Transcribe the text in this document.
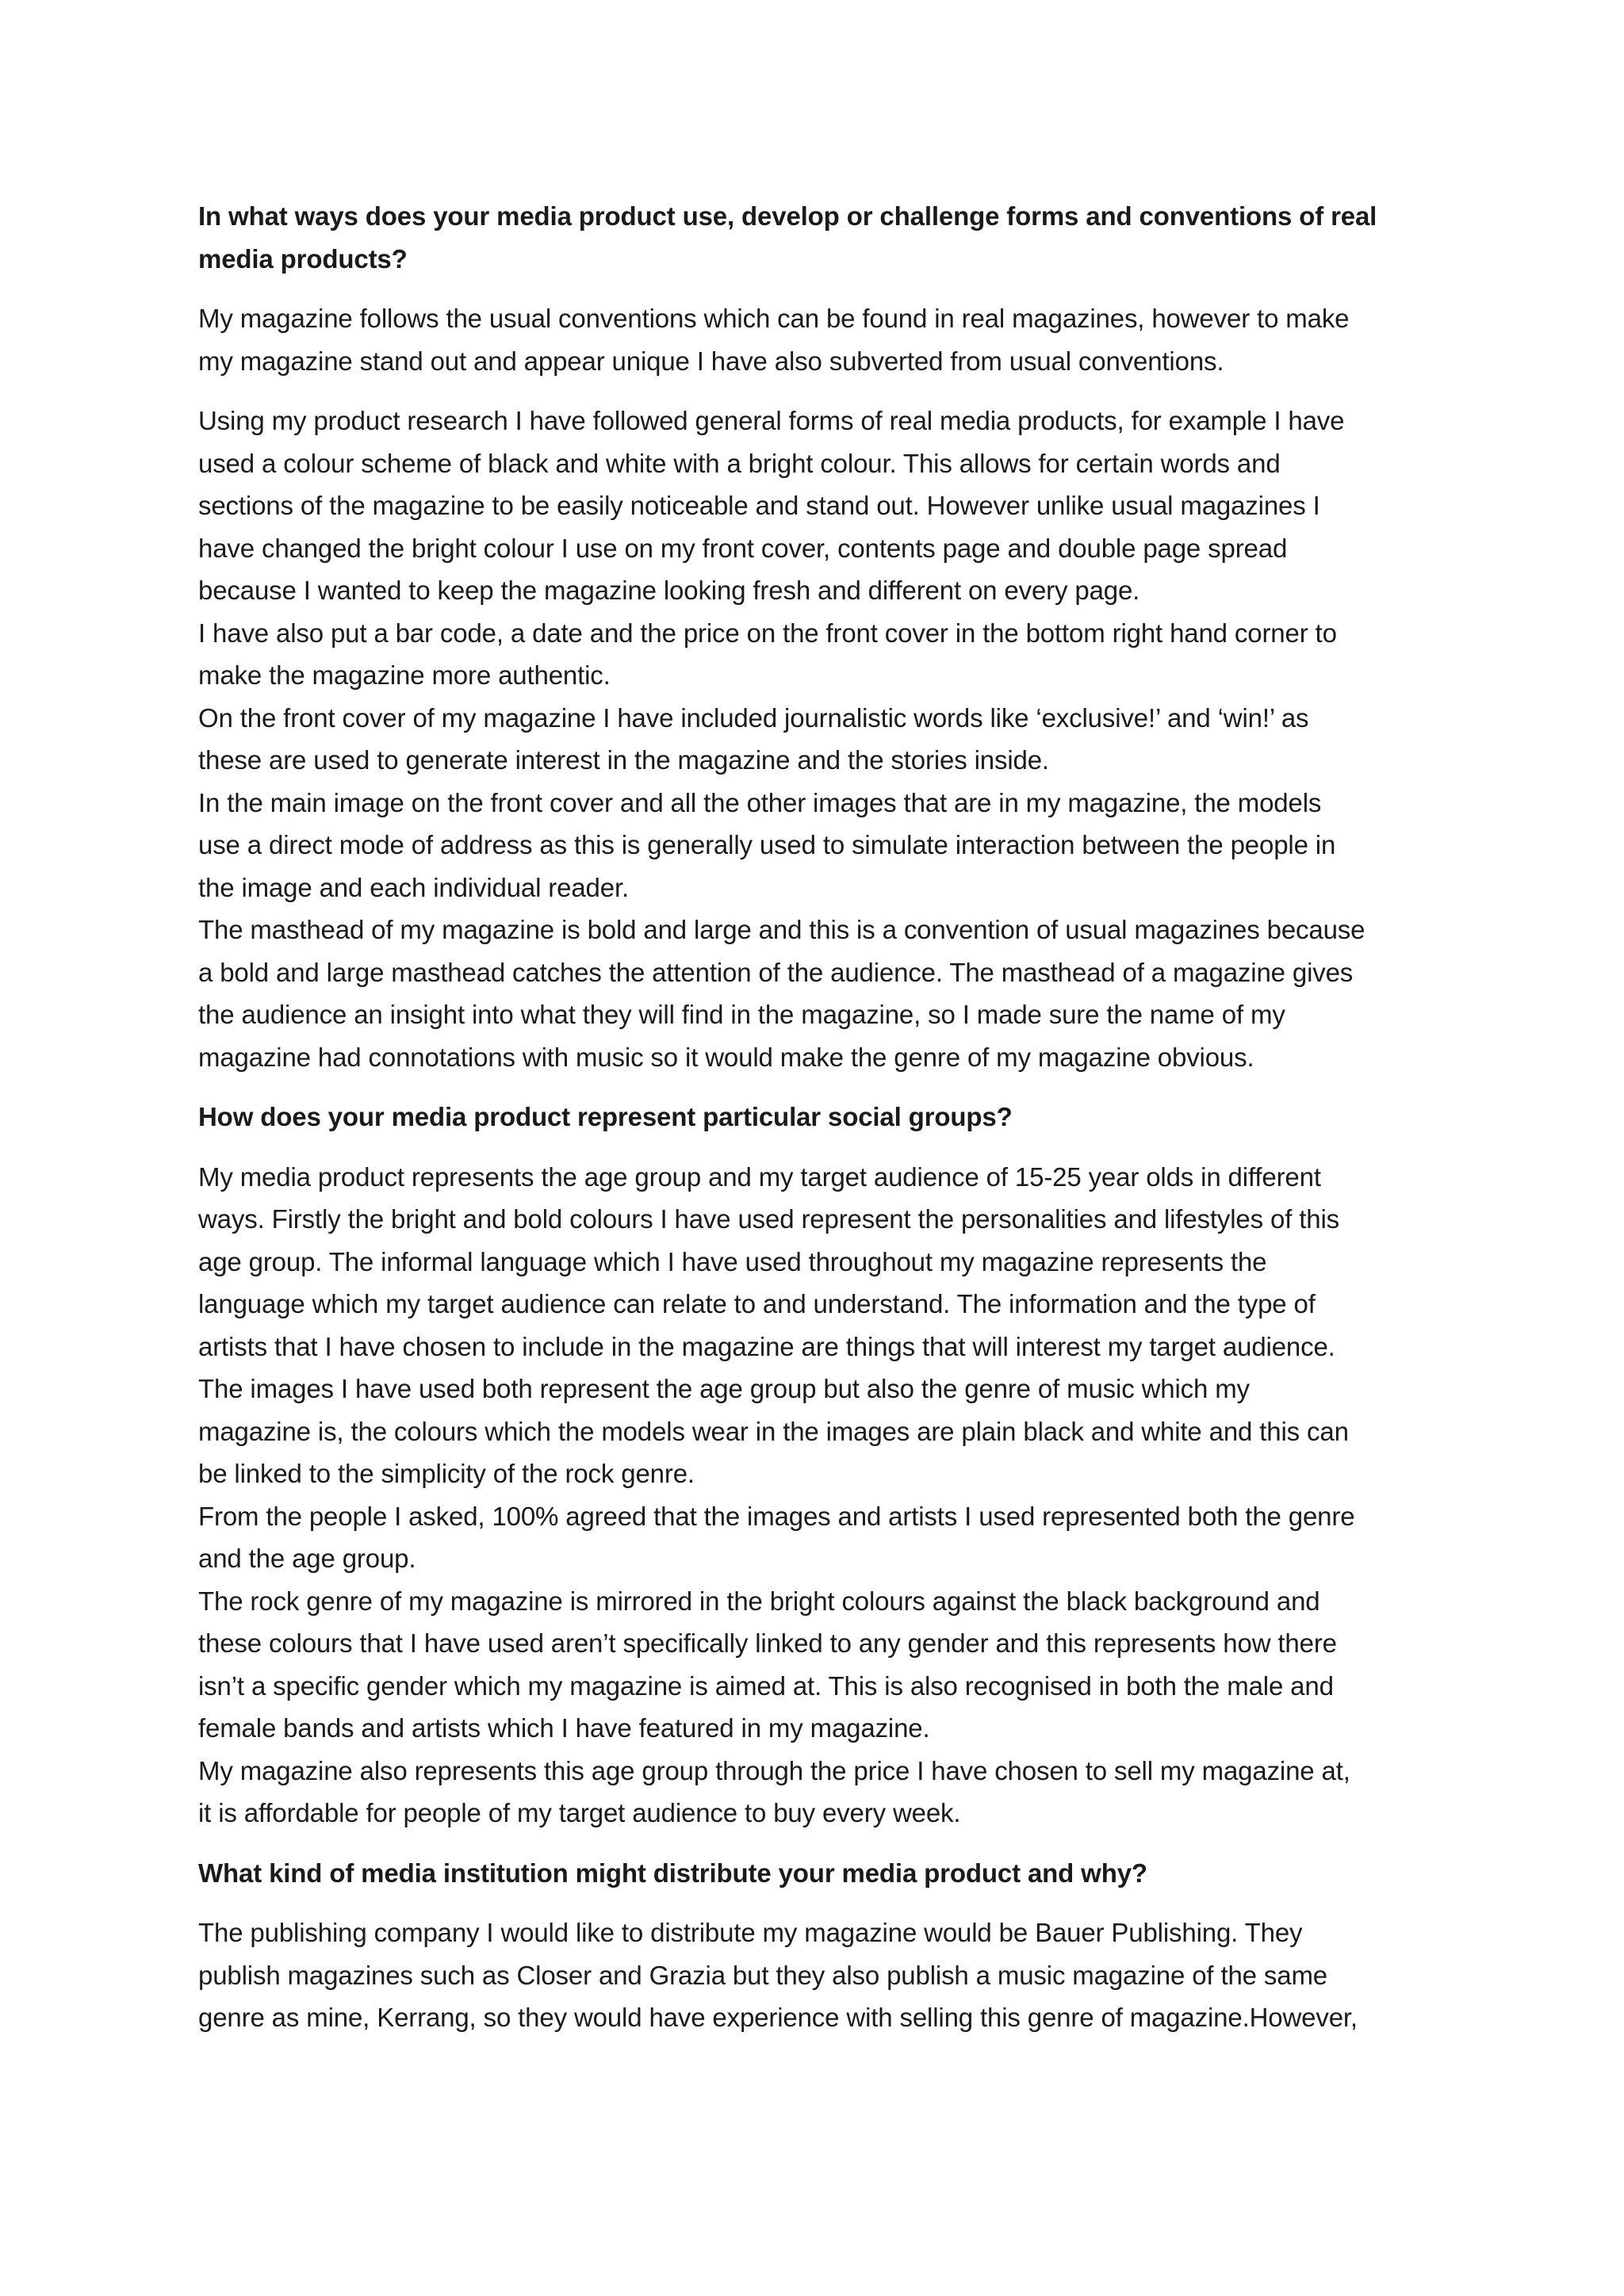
In what ways does your media product use, develop or challenge forms and conventions of real
media products?
My magazine follows the usual conventions which can be found in real magazines, however to make
my magazine stand out and appear unique I have also subverted from usual conventions.
Using my product research I have followed general forms of real media products, for example I have
used a colour scheme of black and white with a bright colour. This allows for certain words and
sections of the magazine to be easily noticeable and stand out. However unlike usual magazines I
have changed the bright colour I use on my front cover, contents page and double page spread
because I wanted to keep the magazine looking fresh and different on every page.
I have also put a bar code, a date and the price on the front cover in the bottom right hand corner to
make the magazine more authentic.
On the front cover of my magazine I have included journalistic words like ‘exclusive!’ and ‘win!’ as
these are used to generate interest in the magazine and the stories inside.
In the main image on the front cover and all the other images that are in my magazine, the models
use a direct mode of address as this is generally used to simulate interaction between the people in
the image and each individual reader.
The masthead of my magazine is bold and large and this is a convention of usual magazines because
a bold and large masthead catches the attention of the audience. The masthead of a magazine gives
the audience an insight into what they will find in the magazine, so I made sure the name of my
magazine had connotations with music so it would make the genre of my magazine obvious.
How does your media product represent particular social groups?
My media product represents the age group and my target audience of 15-25 year olds in different
ways. Firstly the bright and bold colours I have used represent the personalities and lifestyles of this
age group. The informal language which I have used throughout my magazine represents the
language which my target audience can relate to and understand. The information and the type of
artists that I have chosen to include in the magazine are things that will interest my target audience.
The images I have used both represent the age group but also the genre of music which my
magazine is, the colours which the models wear in the images are plain black and white and this can
be linked to the simplicity of the rock genre.
From the people I asked, 100% agreed that the images and artists I used represented both the genre
and the age group.
The rock genre of my magazine is mirrored in the bright colours against the black background and
these colours that I have used aren’t specifically linked to any gender and this represents how there
isn’t a specific gender which my magazine is aimed at. This is also recognised in both the male and
female bands and artists which I have featured in my magazine.
My magazine also represents this age group through the price I have chosen to sell my magazine at,
it is affordable for people of my target audience to buy every week.
What kind of media institution might distribute your media product and why?
The publishing company I would like to distribute my magazine would be Bauer Publishing. They
publish magazines such as Closer and Grazia but they also publish a music magazine of the same
genre as mine, Kerrang, so they would have experience with selling this genre of magazine.However,
